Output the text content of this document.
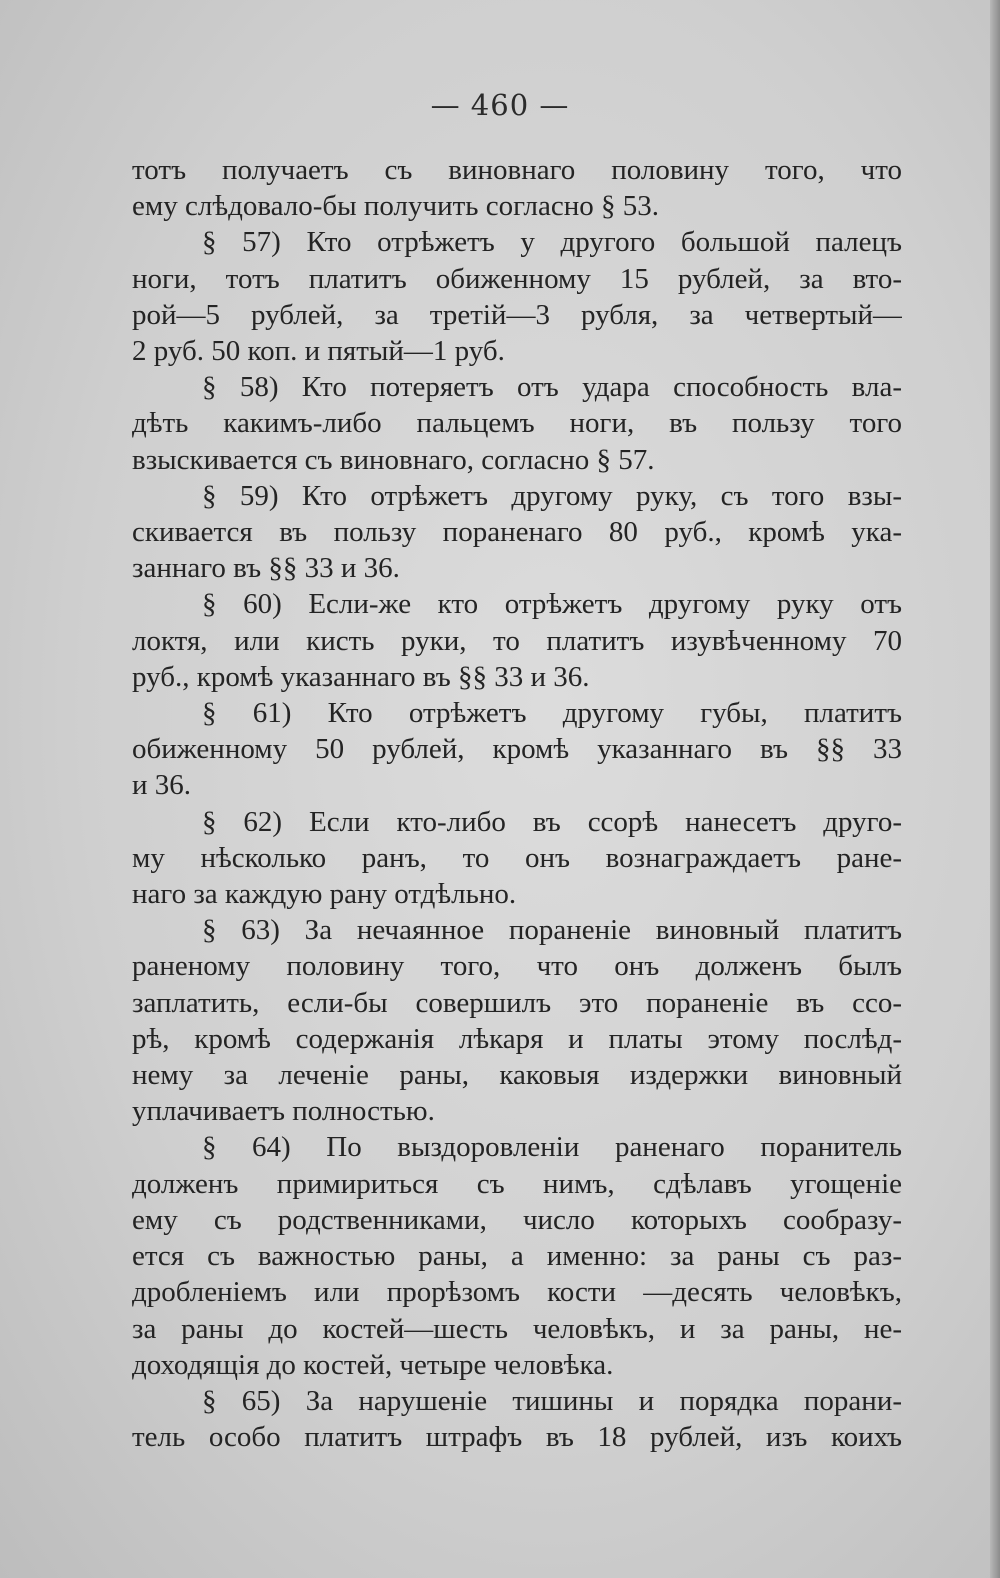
— 460 —

тотъ получаетъ съ виновнаго половину того, что
ему слѣдовало-бы получить согласно § 53.

§ 57) Кто отрѣжетъ у другого большой палецъ
ноги, тотъ платитъ обиженному 15 рублей, за вто-
рой—5 рублей, за третій—3 рубля, за четвертый—
2 руб. 50 коп. и пятый—1 руб.

§ 58) Кто потеряетъ отъ удара способность вла-
дѣть какимъ-либо пальцемъ ноги, въ пользу того
взыскивается съ виновнаго, согласно § 57.

§ 59) Кто отрѣжетъ другому руку, съ того взы-
скивается въ пользу пораненаго 80 руб., кромѣ ука-
заннаго въ §§ 33 и 36.

§ 60) Если-же кто отрѣжетъ другому руку отъ
локтя, или кисть руки, то платитъ изувѣченному 70
руб., кромѣ указаннаго въ §§ 33 и 36.

§ 61) Кто отрѣжетъ другому губы, платитъ
обиженному 50 рублей, кромѣ указаннаго въ §§ 33
и 36.

§ 62) Если кто-либо въ ссорѣ нанесетъ друго-
му нѣсколько ранъ, то онъ вознаграждаетъ ране-
наго за каждую рану отдѣльно.

§ 63) За нечаянное пораненіе виновный платитъ
раненому половину того, что онъ долженъ былъ
заплатить, если-бы совершилъ это пораненіе въ ссо-
рѣ, кромѣ содержанія лѣкаря и платы этому послѣд-
нему за леченіе раны, каковыя издержки виновный
уплачиваетъ полностью.

§ 64) По выздоровленіи раненаго поранитель
долженъ примириться съ нимъ, сдѣлавъ угощеніе
ему съ родственниками, число которыхъ сообразу-
ется съ важностью раны, а именно: за раны съ раз-
дробленіемъ или прорѣзомъ кости —десять человѣкъ,
за раны до костей—шесть человѣкъ, и за раны, не-
доходящія до костей, четыре человѣка.

§ 65) За нарушеніе тишины и порядка порани-
тель особо платитъ штрафъ въ 18 рублей, изъ коихъ
